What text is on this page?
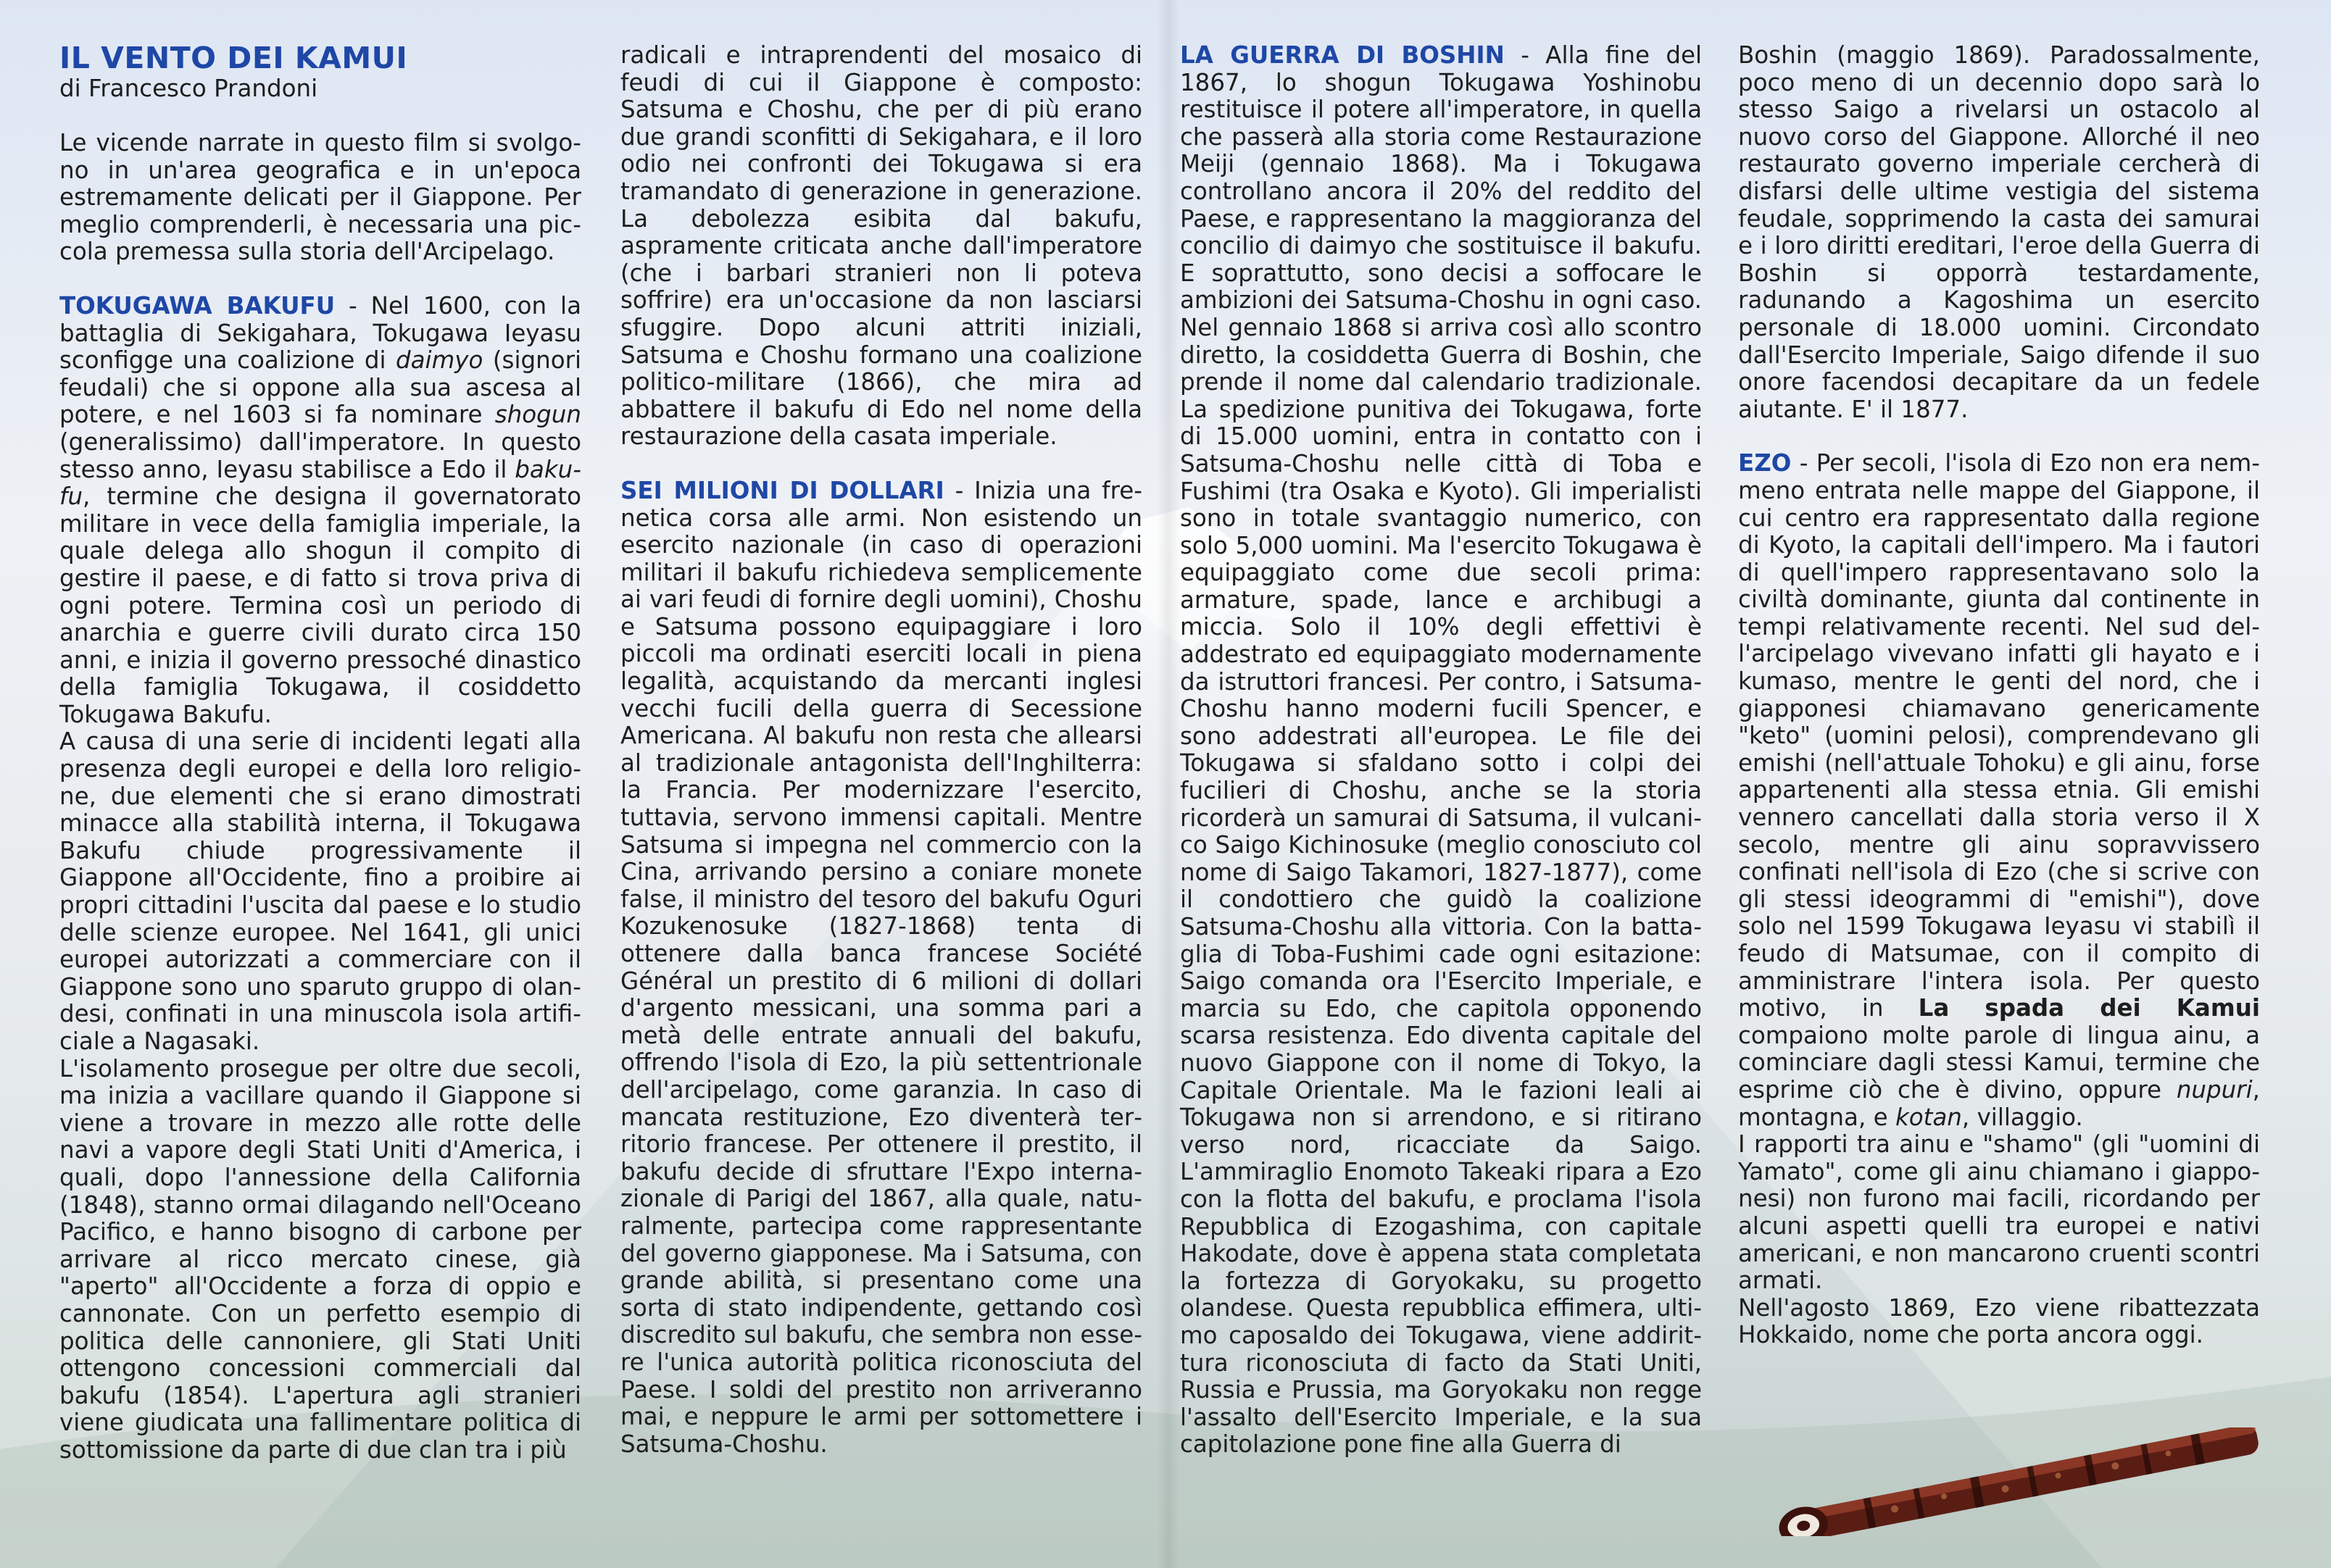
IL VENTO DEI KAMUI

di Francesco Prandoni

Le vicende narrate in questo film si svolgono in un'area geografica e in un'epoca estremamente delicati per il Giappone. Per meglio comprenderli, è necessaria una piccola premessa sulla storia dell'Arcipelago.

TOKUGAWA BAKUFU - Nel 1600, con la battaglia di Sekigahara, Tokugawa Ieyasu sconfigge una coalizione di daimyo (signori feudali) che si oppone alla sua ascesa al potere, e nel 1603 si fa nominare shogun (generalissimo) dall'imperatore. In questo stesso anno, Ieyasu stabilisce a Edo il bakufu, termine che designa il governatorato militare in vece della famiglia imperiale, la quale delega allo shogun il compito di gestire il paese, e di fatto si trova priva di ogni potere. Termina così un periodo di anarchia e guerre civili durato circa 150 anni, e inizia il governo pressoché dinastico della famiglia Tokugawa, il cosiddetto Tokugawa Bakufu.

A causa di una serie di incidenti legati alla presenza degli europei e della loro religione, due elementi che si erano dimostrati minacce alla stabilità interna, il Tokugawa Bakufu chiude progressivamente il Giappone all'Occidente, fino a proibire ai propri cittadini l'uscita dal paese e lo studio delle scienze europee. Nel 1641, gli unici europei autorizzati a commerciare con il Giappone sono uno sparuto gruppo di olandesi, confinati in una minuscola isola artificiale a Nagasaki.

L'isolamento prosegue per oltre due secoli, ma inizia a vacillare quando il Giappone si viene a trovare in mezzo alle rotte delle navi a vapore degli Stati Uniti d'America, i quali, dopo l'annessione della California (1848), stanno ormai dilagando nell'Oceano Pacifico, e hanno bisogno di carbone per arrivare al ricco mercato cinese, già "aperto" all'Occidente a forza di oppio e cannonate. Con un perfetto esempio di politica delle cannoniere, gli Stati Uniti ottengono concessioni commerciali dal bakufu (1854). L'apertura agli stranieri viene giudicata una fallimentare politica di sottomissione da parte di due clan tra i più

radicali e intraprendenti del mosaico di feudi di cui il Giappone è composto: Satsuma e Choshu, che per di più erano due grandi sconfitti di Sekigahara, e il loro odio nei confronti dei Tokugawa si era tramandato di generazione in generazione. La debolezza esibita dal bakufu, aspramente criticata anche dall'imperatore (che i barbari stranieri non li poteva soffrire) era un'occasione da non lasciarsi sfuggire. Dopo alcuni attriti iniziali, Satsuma e Choshu formano una coalizione politico-militare (1866), che mira ad abbattere il bakufu di Edo nel nome della restaurazione della casata imperiale.

SEI MILIONI DI DOLLARI - Inizia una frenetica corsa alle armi. Non esistendo un esercito nazionale (in caso di operazioni militari il bakufu richiedeva semplicemente ai vari feudi di fornire degli uomini), Choshu e Satsuma possono equipaggiare i loro piccoli ma ordinati eserciti locali in piena legalità, acquistando da mercanti inglesi vecchi fucili della guerra di Secessione Americana. Al bakufu non resta che allearsi al tradizionale antagonista dell'Inghilterra: la Francia. Per modernizzare l'esercito, tuttavia, servono immensi capitali. Mentre Satsuma si impegna nel commercio con la Cina, arrivando persino a coniare monete false, il ministro del tesoro del bakufu Oguri Kozukenosuke (1827-1868) tenta di ottenere dalla banca francese Société Général un prestito di 6 milioni di dollari d'argento messicani, una somma pari a metà delle entrate annuali del bakufu, offrendo l'isola di Ezo, la più settentrionale dell'arcipelago, come garanzia. In caso di mancata restituzione, Ezo diventerà territorio francese. Per ottenere il prestito, il bakufu decide di sfruttare l'Expo internazionale di Parigi del 1867, alla quale, naturalmente, partecipa come rappresentante del governo giapponese. Ma i Satsuma, con grande abilità, si presentano come una sorta di stato indipendente, gettando così discredito sul bakufu, che sembra non essere l'unica autorità politica riconosciuta del Paese. I soldi del prestito non arriveranno mai, e neppure le armi per sottomettere i Satsuma-Choshu.

LA GUERRA DI BOSHIN - Alla fine del 1867, lo shogun Tokugawa Yoshinobu restituisce il potere all'imperatore, in quella che passerà alla storia come Restaurazione Meiji (gennaio 1868). Ma i Tokugawa controllano ancora il 20% del reddito del Paese, e rappresentano la maggioranza del concilio di daimyo che sostituisce il bakufu. E soprattutto, sono decisi a soffocare le ambizioni dei Satsuma-Choshu in ogni caso. Nel gennaio 1868 si arriva così allo scontro diretto, la cosiddetta Guerra di Boshin, che prende il nome dal calendario tradizionale. La spedizione punitiva dei Tokugawa, forte di 15.000 uomini, entra in contatto con i Satsuma-Choshu nelle città di Toba e Fushimi (tra Osaka e Kyoto). Gli imperialisti sono in totale svantaggio numerico, con solo 5,000 uomini. Ma l'esercito Tokugawa è equipaggiato come due secoli prima: armature, spade, lance e archibugi a miccia. Solo il 10% degli effettivi è addestrato ed equipaggiato modernamente da istruttori francesi. Per contro, i Satsuma-Choshu hanno moderni fucili Spencer, e sono addestrati all'europea. Le file dei Tokugawa si sfaldano sotto i colpi dei fucilieri di Choshu, anche se la storia ricorderà un samurai di Satsuma, il vulcanico Saigo Kichinosuke (meglio conosciuto col nome di Saigo Takamori, 1827-1877), come il condottiero che guidò la coalizione Satsuma-Choshu alla vittoria. Con la battaglia di Toba-Fushimi cade ogni esitazione: Saigo comanda ora l'Esercito Imperiale, e marcia su Edo, che capitola opponendo scarsa resistenza. Edo diventa capitale del nuovo Giappone con il nome di Tokyo, la Capitale Orientale. Ma le fazioni leali ai Tokugawa non si arrendono, e si ritirano verso nord, ricacciate da Saigo. L'ammiraglio Enomoto Takeaki ripara a Ezo con la flotta del bakufu, e proclama l'isola Repubblica di Ezogashima, con capitale Hakodate, dove è appena stata completata la fortezza di Goryokaku, su progetto olandese. Questa repubblica effimera, ultimo caposaldo dei Tokugawa, viene addirittura riconosciuta di facto da Stati Uniti, Russia e Prussia, ma Goryokaku non regge l'assalto dell'Esercito Imperiale, e la sua capitolazione pone fine alla Guerra di

Boshin (maggio 1869). Paradossalmente, poco meno di un decennio dopo sarà lo stesso Saigo a rivelarsi un ostacolo al nuovo corso del Giappone. Allorché il neo restaurato governo imperiale cercherà di disfarsi delle ultime vestigia del sistema feudale, sopprimendo la casta dei samurai e i loro diritti ereditari, l'eroe della Guerra di Boshin si opporrà testardamente, radunando a Kagoshima un esercito personale di 18.000 uomini. Circondato dall'Esercito Imperiale, Saigo difende il suo onore facendosi decapitare da un fedele aiutante. E' il 1877.

EZO - Per secoli, l'isola di Ezo non era nemmeno entrata nelle mappe del Giappone, il cui centro era rappresentato dalla regione di Kyoto, la capitali dell'impero. Ma i fautori di quell'impero rappresentavano solo la civiltà dominante, giunta dal continente in tempi relativamente recenti. Nel sud dell'arcipelago vivevano infatti gli hayato e i kumaso, mentre le genti del nord, che i giapponesi chiamavano genericamente "keto" (uomini pelosi), comprendevano gli emishi (nell'attuale Tohoku) e gli ainu, forse appartenenti alla stessa etnia. Gli emishi vennero cancellati dalla storia verso il X secolo, mentre gli ainu sopravvissero confinati nell'isola di Ezo (che si scrive con gli stessi ideogrammi di "emishi"), dove solo nel 1599 Tokugawa Ieyasu vi stabilì il feudo di Matsumae, con il compito di amministrare l'intera isola. Per questo motivo, in La spada dei Kamui compaiono molte parole di lingua ainu, a cominciare dagli stessi Kamui, termine che esprime ciò che è divino, oppure nupuri, montagna, e kotan, villaggio.

I rapporti tra ainu e "shamo" (gli "uomini di Yamato", come gli ainu chiamano i giapponesi) non furono mai facili, ricordando per alcuni aspetti quelli tra europei e nativi americani, e non mancarono cruenti scontri armati.

Nell'agosto 1869, Ezo viene ribattezzata Hokkaido, nome che porta ancora oggi.
